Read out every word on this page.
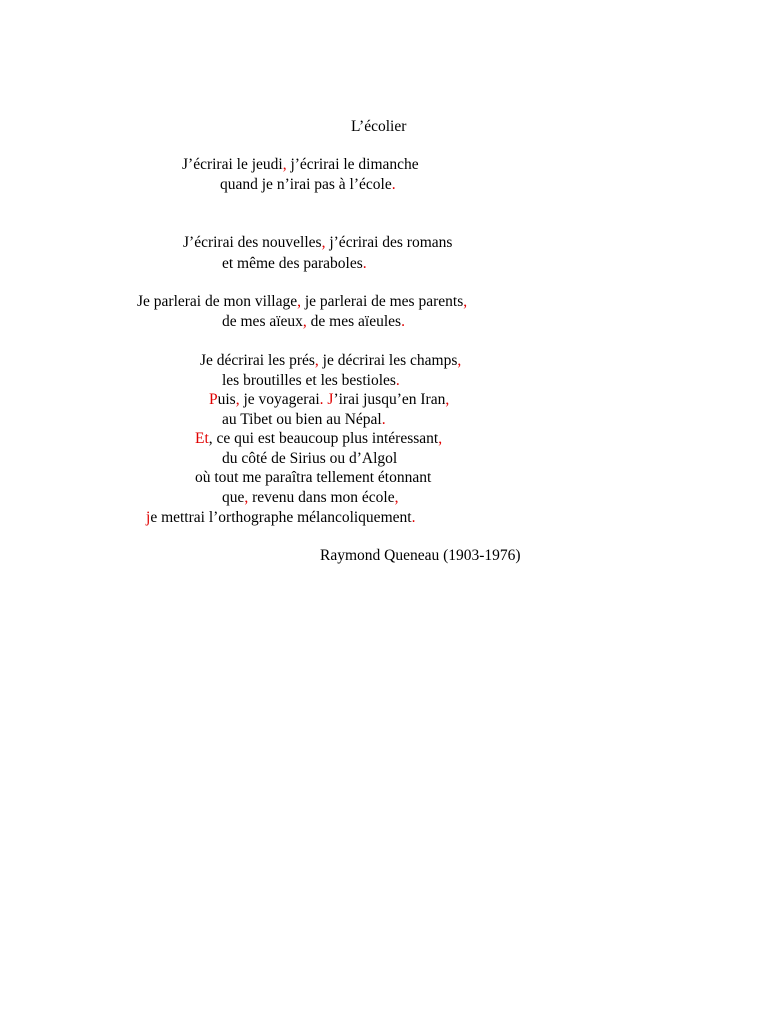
L’écolier
J’écrirai le jeudi, j’écrirai le dimanche
quand je n’irai pas à l’école.
J’écrirai des nouvelles, j’écrirai des romans
et même des paraboles.
Je parlerai de mon village, je parlerai de mes parents,
de mes aïeux, de mes aïeules.
Je décrirai les prés, je décrirai les champs,
les broutilles et les bestioles.
Puis, je voyagerai. J’irai jusqu’en Iran,
au Tibet ou bien au Népal.
Et, ce qui est beaucoup plus intéressant,
du côté de Sirius ou d’Algol
où tout me paraîtra tellement étonnant
que, revenu dans mon école,
je mettrai l’orthographe mélancoliquement.
Raymond Queneau (1903-1976)
